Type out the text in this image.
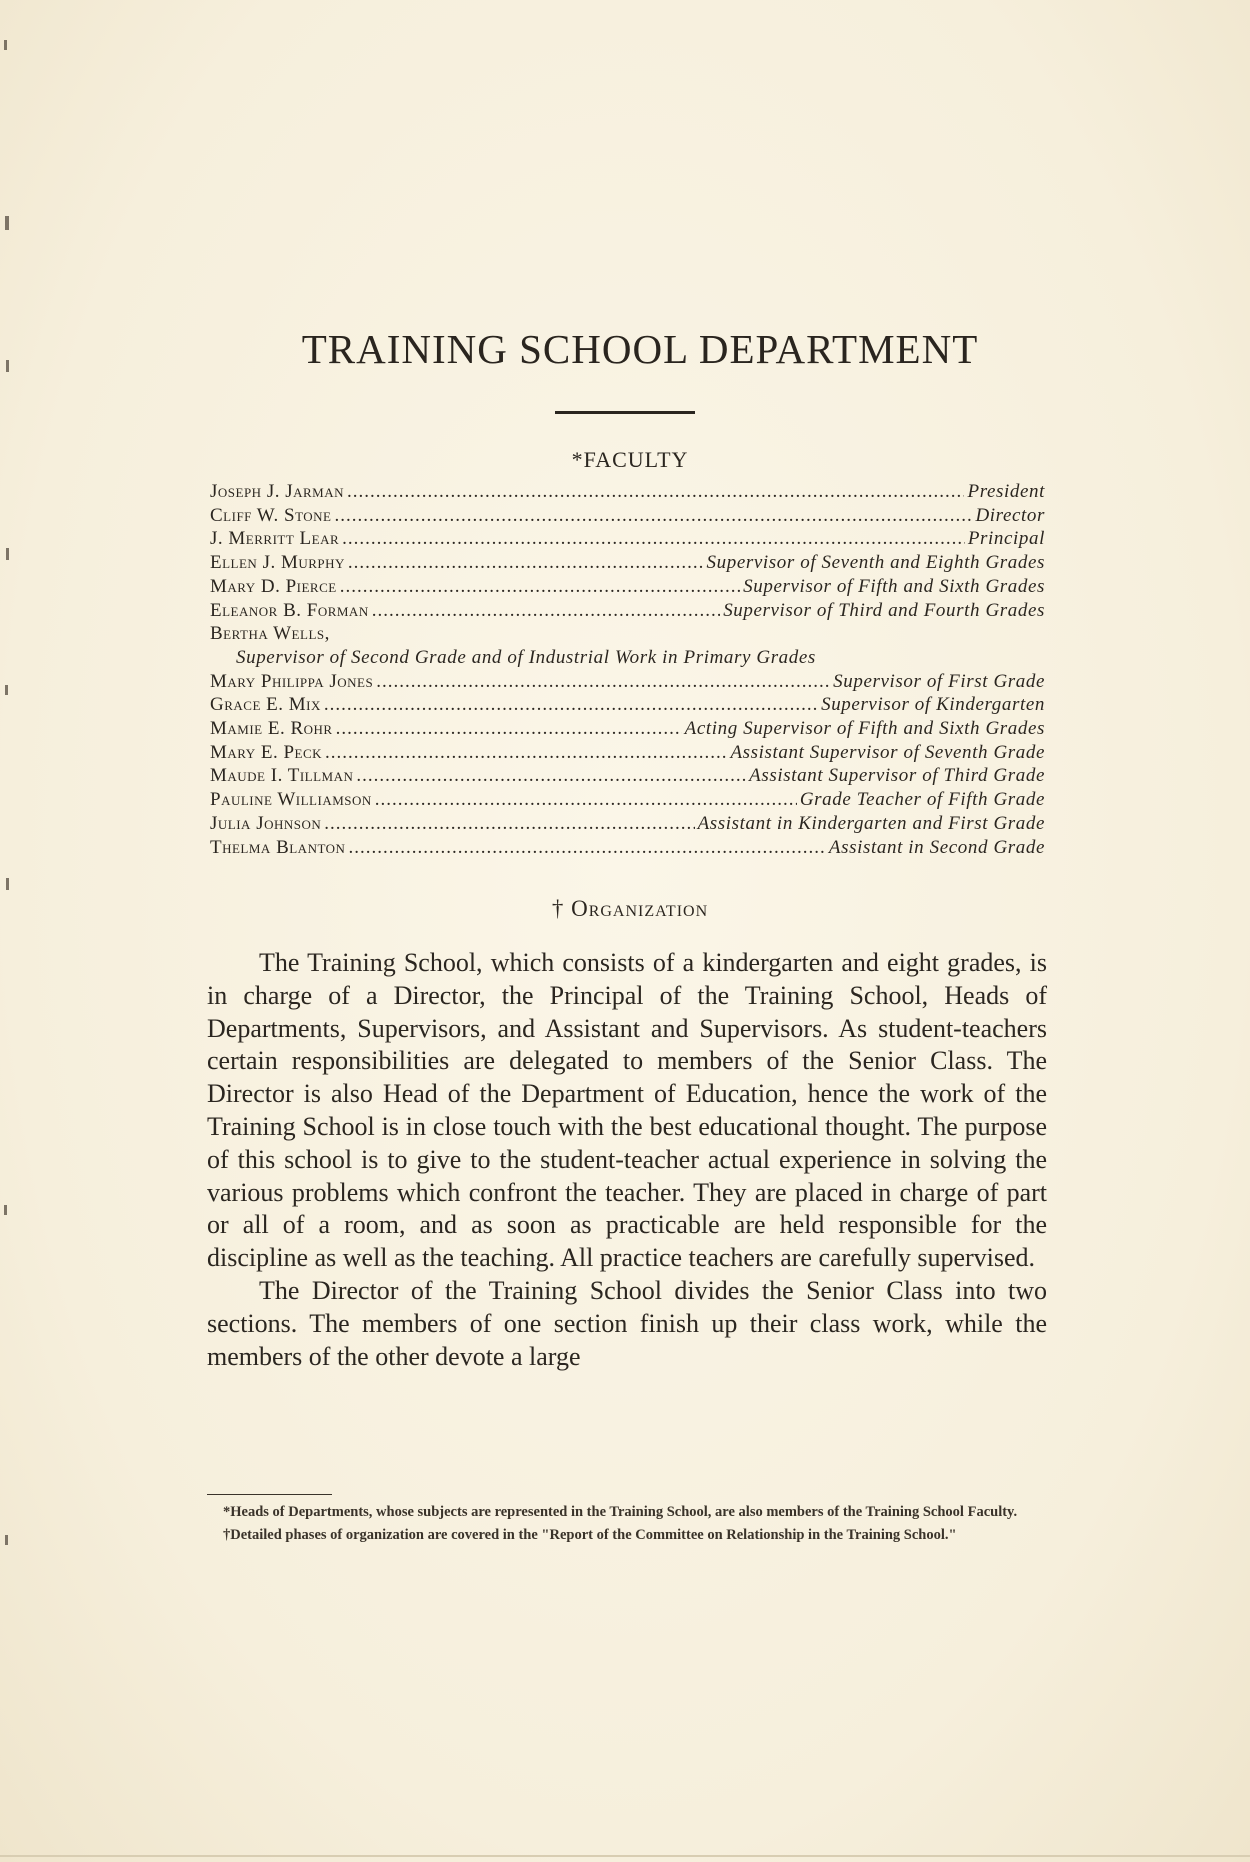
TRAINING SCHOOL DEPARTMENT
*FACULTY
Joseph J. Jarman .....	President
Cliff W. Stone .....	Director
J. Merritt Lear .....	Principal
Ellen J. Murphy .....	Supervisor of Seventh and Eighth Grades
Mary D. Pierce .....	Supervisor of Fifth and Sixth Grades
Eleanor B. Forman .....	Supervisor of Third and Fourth Grades
Bertha Wells,
Supervisor of Second Grade and of Industrial Work in Primary Grades
Mary Philippa Jones .....	Supervisor of First Grade
Grace E. Mix .....	Supervisor of Kindergarten
Mamie E. Rohr .....	Acting Supervisor of Fifth and Sixth Grades
Mary E. Peck .....	Assistant Supervisor of Seventh Grade
Maude I. Tillman .....	Assistant Supervisor of Third Grade
Pauline Williamson .....	Grade Teacher of Fifth Grade
Julia Johnson .....	Assistant in Kindergarten and First Grade
Thelma Blanton .....	Assistant in Second Grade
† Organization

The Training School, which consists of a kindergarten and eight grades, is in charge of a Director, the Principal of the Training School, Heads of Departments, Supervisors, and Assistant and Supervisors. As student-teachers certain responsibilities are delegated to members of the Senior Class. The Director is also Head of the Department of Education, hence the work of the Training School is in close touch with the best educational thought. The purpose of this school is to give to the student-teacher actual experience in solving the various problems which confront the teacher. They are placed in charge of part or all of a room, and as soon as practicable are held responsible for the discipline as well as the teaching. All practice teachers are carefully supervised.

The Director of the Training School divides the Senior Class into two sections. The members of one section finish up their class work, while the members of the other devote a large

*Heads of Departments, whose subjects are represented in the Training School, are also members of the Training School Faculty.

†Detailed phases of organization are covered in the "Report of the Committee on Relationship in the Training School."
